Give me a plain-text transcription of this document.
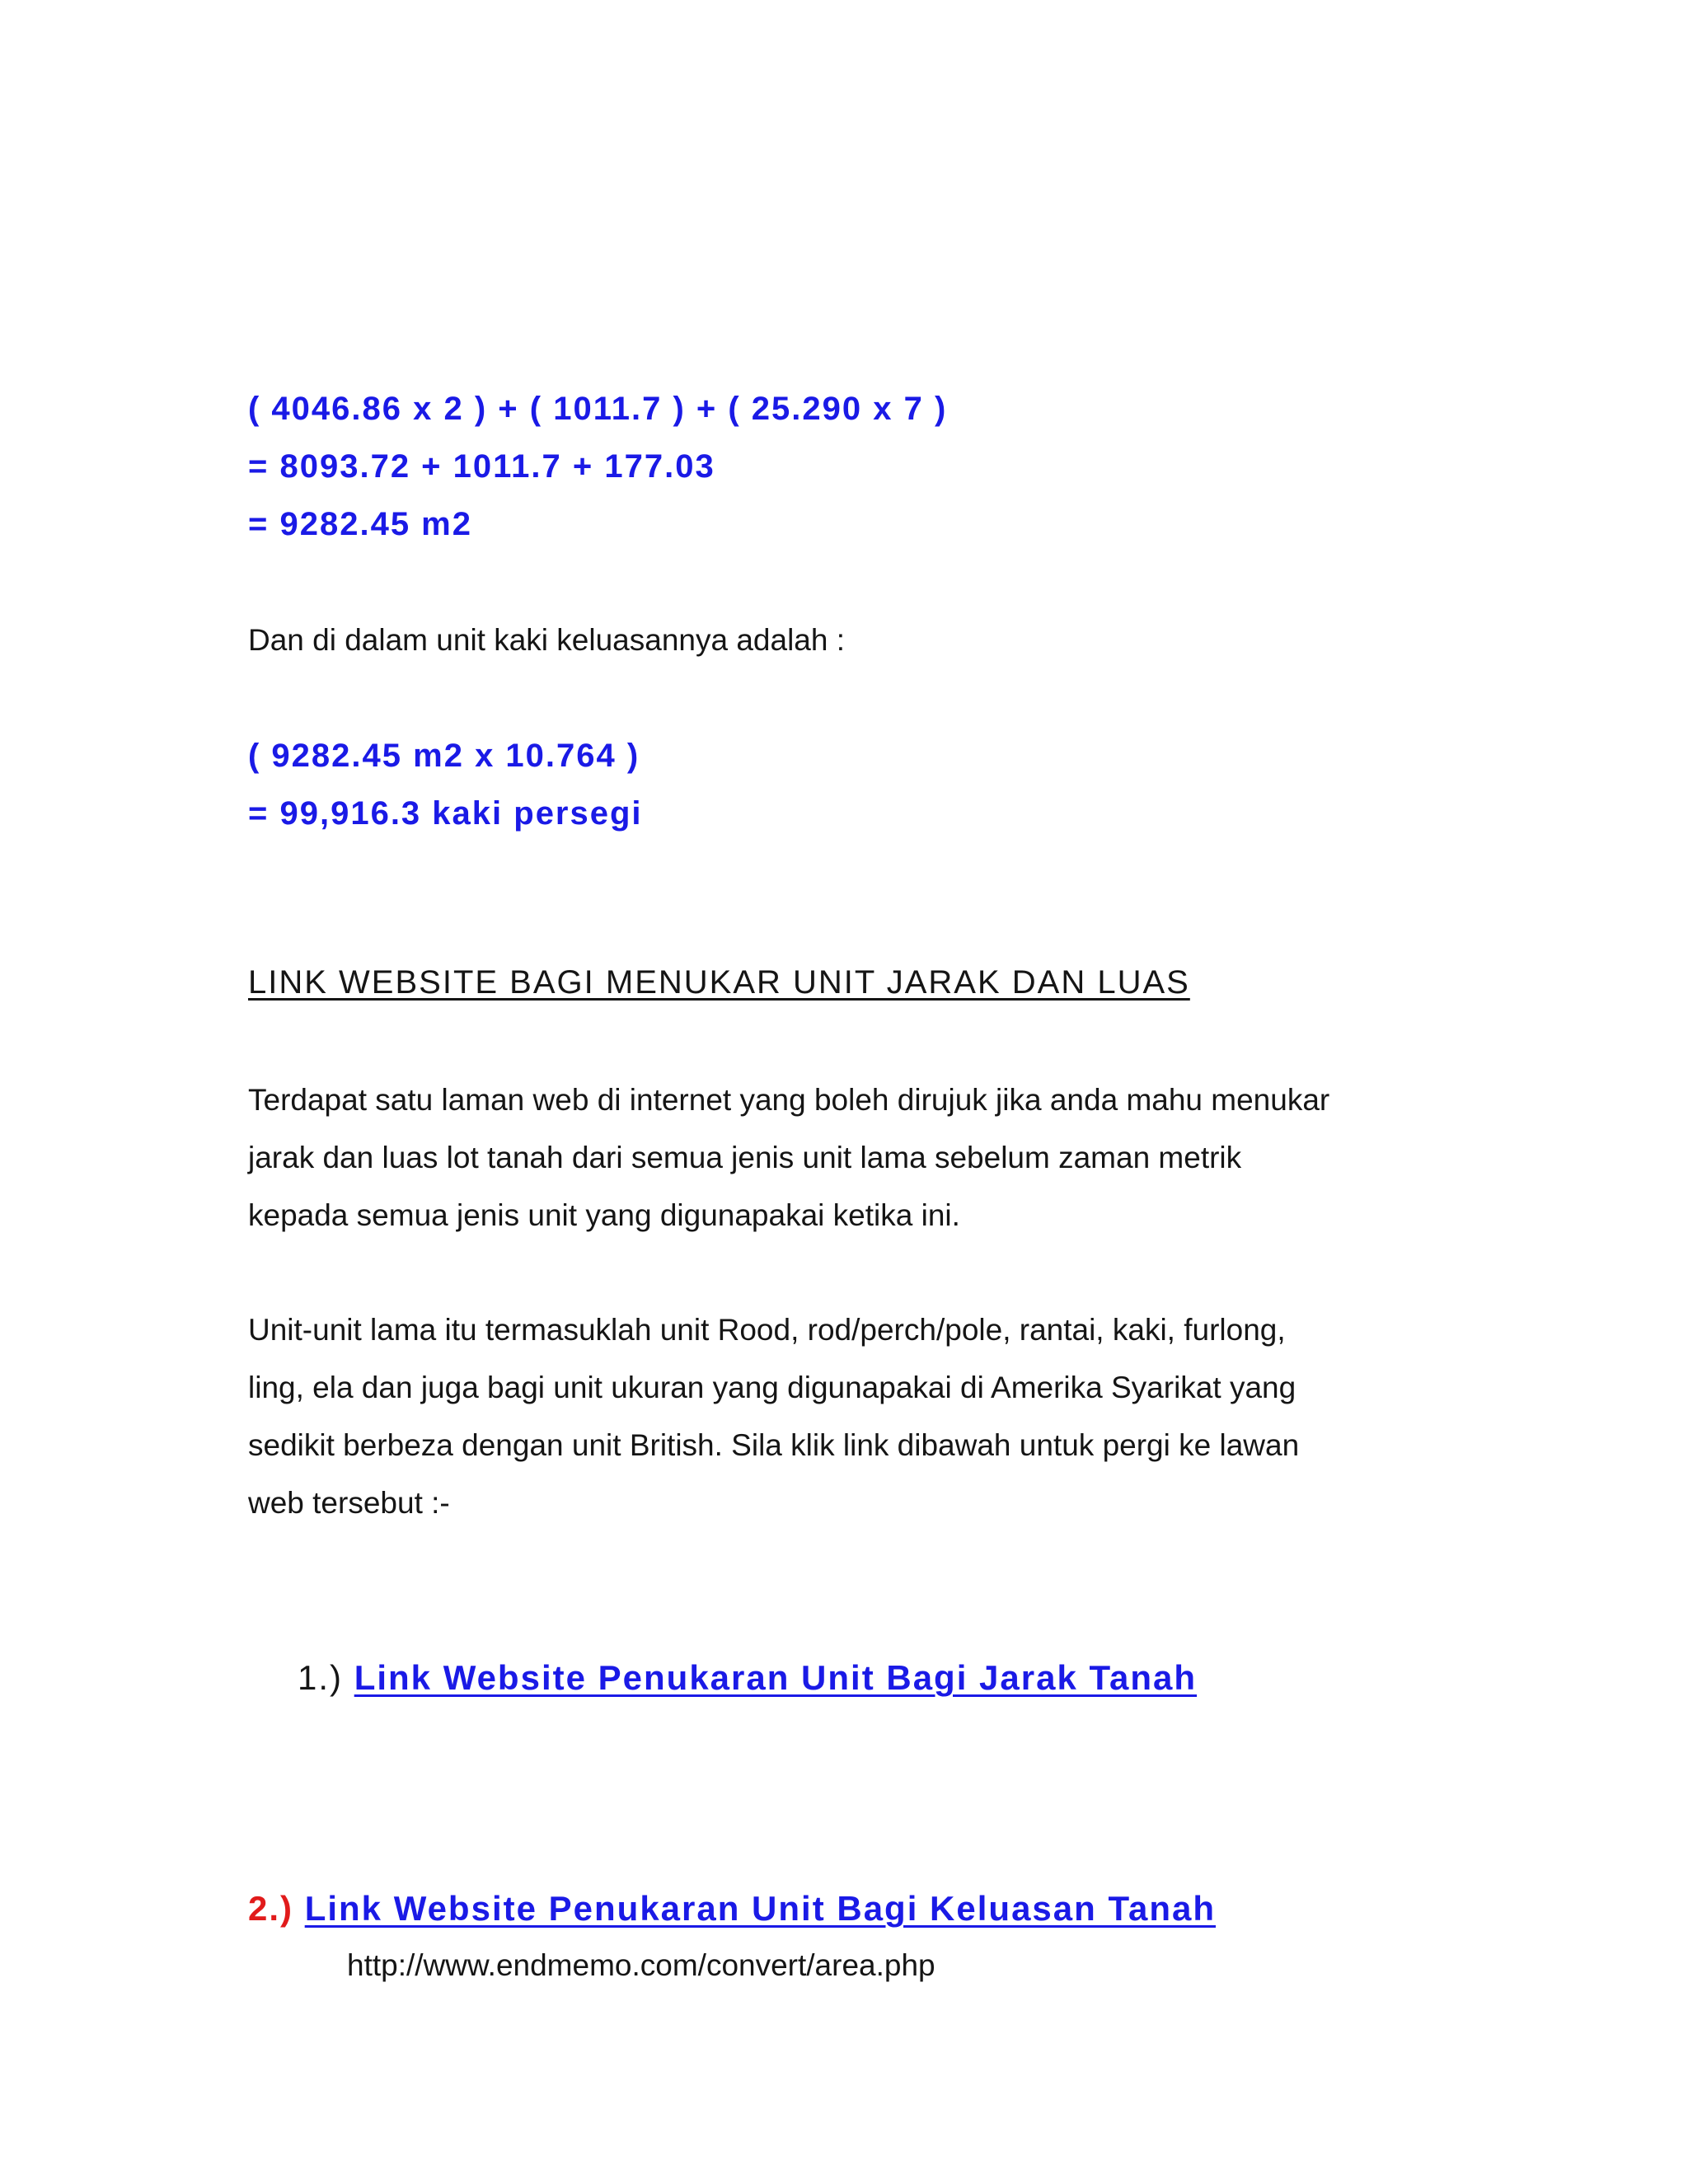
( 4046.86 x 2 ) + ( 1011.7 ) + ( 25.290 x 7 )
= 8093.72 + 1011.7 + 177.03
= 9282.45 m2
Dan di dalam unit kaki keluasannya adalah :
( 9282.45 m2 x 10.764 )
= 99,916.3 kaki persegi
LINK WEBSITE BAGI MENUKAR UNIT JARAK DAN LUAS
Terdapat satu laman web di internet yang boleh dirujuk jika anda mahu menukar
jarak dan luas lot tanah dari semua jenis unit lama sebelum zaman metrik
kepada semua jenis unit yang digunapakai ketika ini.
Unit-unit lama itu termasuklah unit Rood, rod/perch/pole, rantai, kaki, furlong,
ling, ela dan juga bagi unit ukuran yang digunapakai di Amerika Syarikat yang
sedikit berbeza dengan unit British. Sila klik link dibawah untuk pergi ke lawan
web tersebut :-
1.) Link Website Penukaran Unit Bagi Jarak Tanah
2.) Link Website Penukaran Unit Bagi Keluasan Tanah
http://www.endmemo.com/convert/area.php
